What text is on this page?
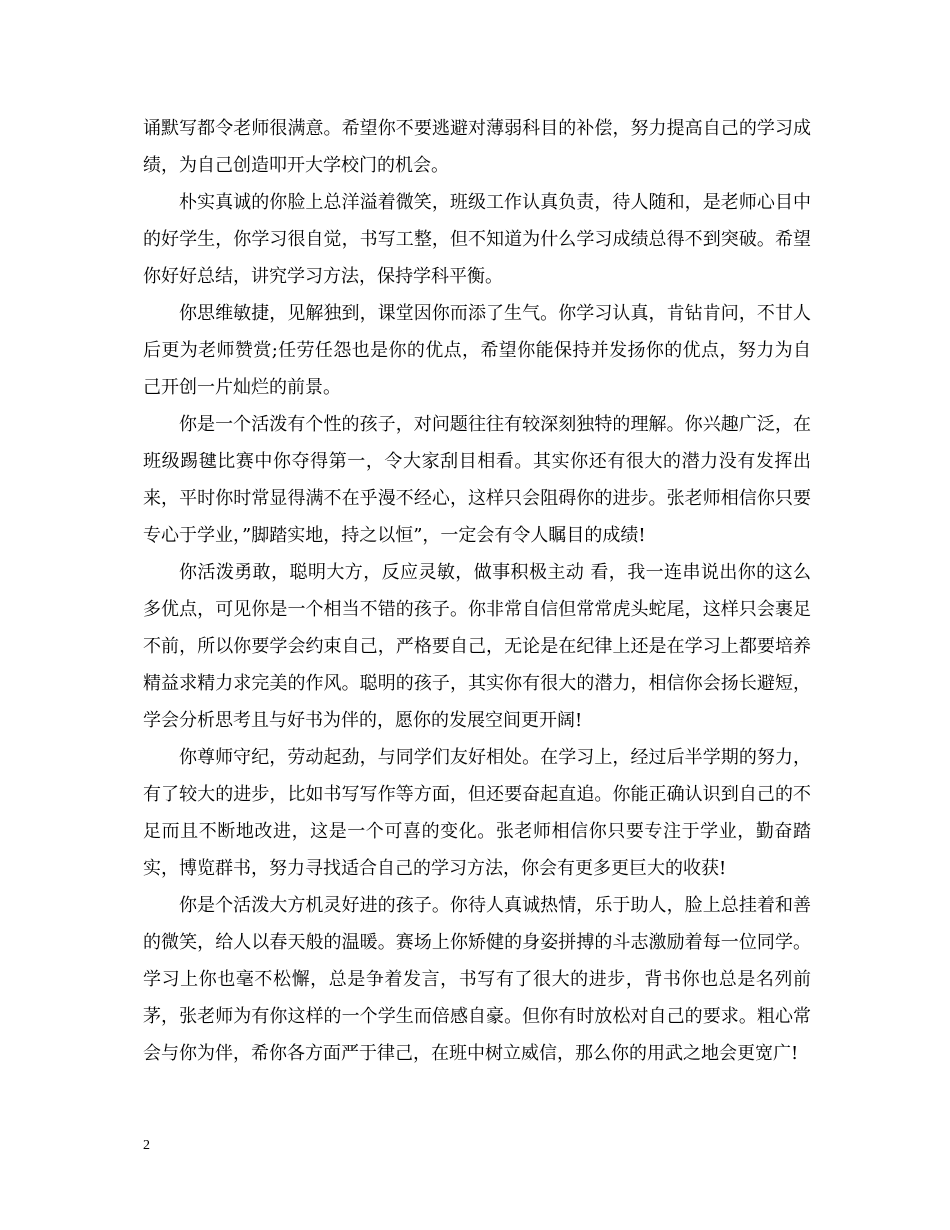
诵默写都令老师很满意。希望你不要逃避对薄弱科目的补偿，努力提高自己的学习成绩，为自己创造叩开大学校门的机会。

朴实真诚的你脸上总洋溢着微笑，班级工作认真负责，待人随和，是老师心目中的好学生，你学习很自觉，书写工整，但不知道为什么学习成绩总得不到突破。希望你好好总结，讲究学习方法，保持学科平衡。

你思维敏捷，见解独到，课堂因你而添了生气。你学习认真，肯钻肯问，不甘人后更为老师赞赏;任劳任怨也是你的优点，希望你能保持并发扬你的优点，努力为自己开创一片灿烂的前景。

你是一个活泼有个性的孩子，对问题往往有较深刻独特的理解。你兴趣广泛，在班级踢毽比赛中你夺得第一，令大家刮目相看。其实你还有很大的潜力没有发挥出来，平时你时常显得满不在乎漫不经心，这样只会阻碍你的进步。张老师相信你只要专心于学业，”脚踏实地，持之以恒”，一定会有令人瞩目的成绩!

你活泼勇敢，聪明大方，反应灵敏，做事积极主动 看，我一连串说出你的这么多优点，可见你是一个相当不错的孩子。你非常自信但常常虎头蛇尾，这样只会裹足不前，所以你要学会约束自己，严格要自己，无论是在纪律上还是在学习上都要培养精益求精力求完美的作风。聪明的孩子，其实你有很大的潜力，相信你会扬长避短，学会分析思考且与好书为伴的，愿你的发展空间更开阔!

你尊师守纪，劳动起劲，与同学们友好相处。在学习上，经过后半学期的努力，有了较大的进步，比如书写写作等方面，但还要奋起直追。你能正确认识到自己的不足而且不断地改进，这是一个可喜的变化。张老师相信你只要专注于学业，勤奋踏实，博览群书，努力寻找适合自己的学习方法，你会有更多更巨大的收获!

你是个活泼大方机灵好进的孩子。你待人真诚热情，乐于助人，脸上总挂着和善的微笑，给人以春天般的温暖。赛场上你矫健的身姿拼搏的斗志激励着每一位同学。学习上你也毫不松懈，总是争着发言，书写有了很大的进步，背书你也总是名列前茅，张老师为有你这样的一个学生而倍感自豪。但你有时放松对自己的要求。粗心常会与你为伴，希你各方面严于律己，在班中树立威信，那么你的用武之地会更宽广!

2
